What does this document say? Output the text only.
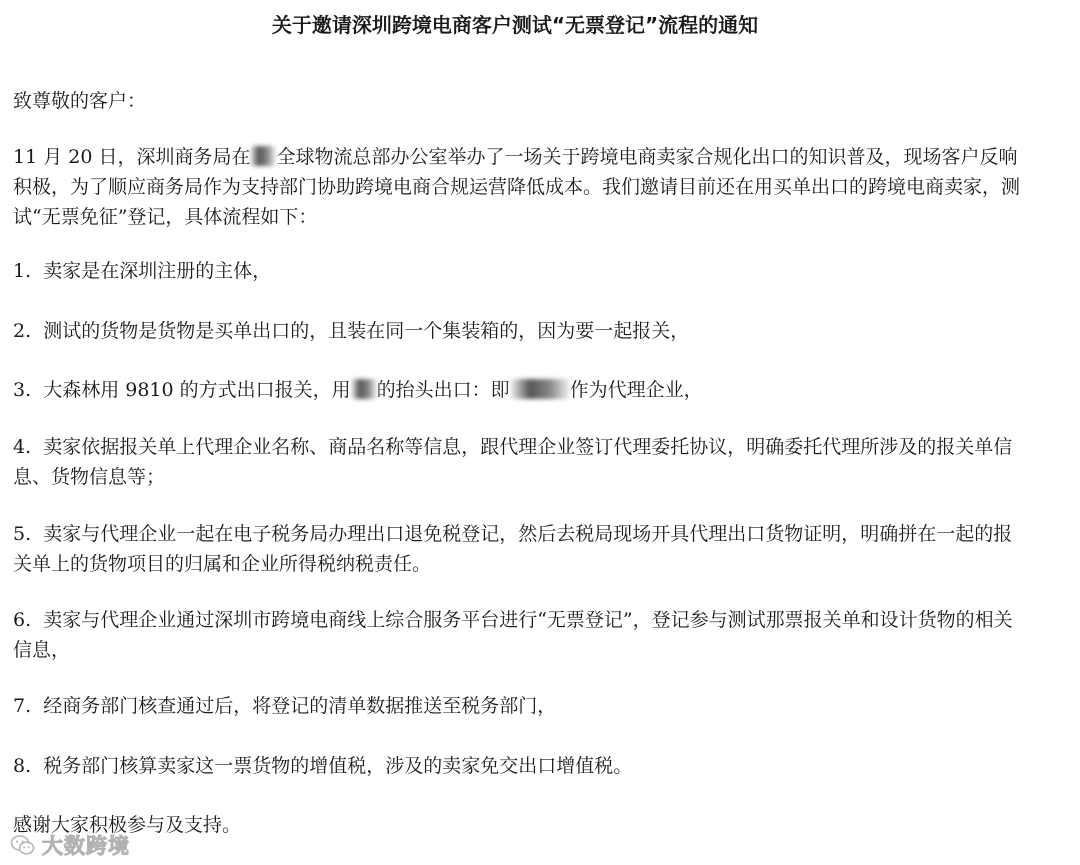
关于邀请深圳跨境电商客户测试“无票登记”流程的通知
致尊敬的客户：
11 月 20 日，深圳商务局在 全球物流总部办公室举办了一场关于跨境电商卖家合规化出口的知识普及，现场客户反响积极，为了顺应商务局作为支持部门协助跨境电商合规运营降低成本。我们邀请目前还在用买单出口的跨境电商卖家，测试“无票免征”登记，具体流程如下：
1.  卖家是在深圳注册的主体，
2.  测试的货物是货物是买单出口的，且装在同一个集装箱的，因为要一起报关，
3.  大森林用 9810 的方式出口报关，用 的抬头出口：即	作为代理企业，
4.  卖家依据报关单上代理企业名称、商品名称等信息，跟代理企业签订代理委托协议，明确委托代理所涉及的报关单信息、货物信息等；
5.  卖家与代理企业一起在电子税务局办理出口退免税登记，然后去税局现场开具代理出口货物证明，明确拼在一起的报关单上的货物项目的归属和企业所得税纳税责任。
6.  卖家与代理企业通过深圳市跨境电商线上综合服务平台进行“无票登记”，登记参与测试那票报关单和设计货物的相关信息，
7.  经商务部门核查通过后，将登记的清单数据推送至税务部门，
8.  税务部门核算卖家这一票货物的增值税，涉及的卖家免交出口增值税。
感谢大家积极参与及支持。
大数跨境
